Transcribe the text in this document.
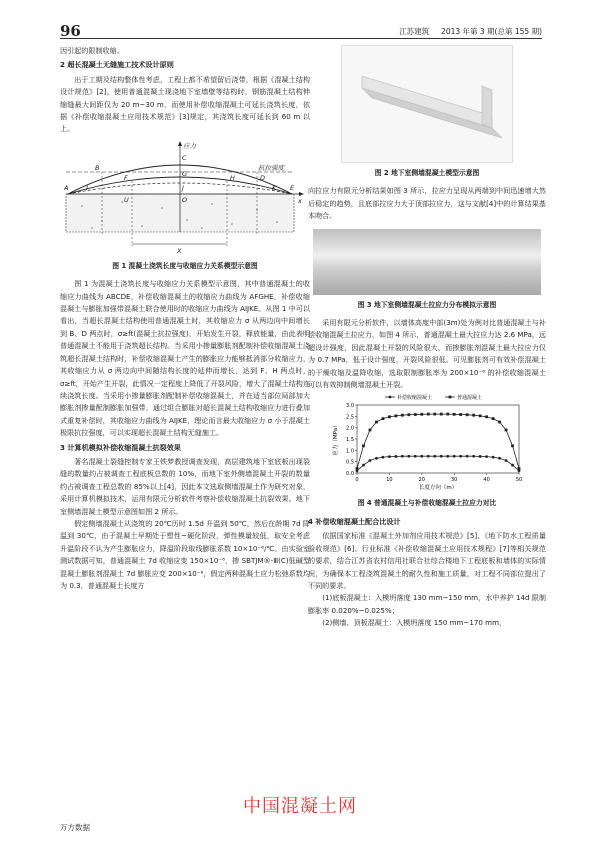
96	江苏建筑 2013 年第 3 期(总第 155 期)

因引起的限制收缩。

2 超长混凝土无缝施工技术设计原则

出于工期及结构整体性考虑，工程上都不希望留后浇带，根据《混凝土结构设计规范》[2]，使用普通混凝土现浇地下室墙壁等结构时，钢筋混凝土结构伸缩缝最大间距仅为 20 m~30 m，而使用补偿收缩混凝土可延长浇筑长度，依据《补偿收缩混凝土应用技术规范》[3]规定，其浇筑长度可延长到 60 m 以上。

应力
抗拉强度
x
A
B
C
D
E
F	G	H
I	J	K
O
U
X
图 1 混凝土浇筑长度与收缩应力关系模型示意图

图 1 为混凝土浇筑长度与收缩应力关系模型示意图，其中普通混凝土的收缩应力曲线为 ABCDE，补偿收缩混凝土的收缩应力曲线为 AFGHE，补偿收缩混凝土与膨胀加强带混凝土联合使用时的收缩应力曲线为 AIJKE。从图 1 中可以看出，当超长混凝土结构使用普通混凝土时，其收缩应力 σ 从两边向中间增长到 B、D 两点时，σ≥ft(混凝土抗拉强度)，开始发生开裂，释放能量，由此表明普通混凝土不能用于浇筑超长结构。当采用小掺量膨胀剂配制补偿收缩混凝土浇筑超长混凝土结构时，补偿收缩混凝土产生的膨胀应力能够抵消部分收缩应力，其收缩应力从 σ 两边向中间随结构长度的延伸而增长，达到 F、H 两点时，σ≥ft，开始产生开裂，此情况一定程度上降低了开裂风险，增大了混凝土结构连续浇筑长度。当采用小掺量膨胀剂配制补偿收缩混凝土，并在适当部位局部加大膨胀剂掺量配制膨胀加强带，通过组合膨胀对超长混凝土结构收缩应力进行叠加式重复补偿时，其收缩应力曲线为 AIJKE，理论而言最大收缩应力 σ 小于混凝土极限抗拉强度，可以实现超长混凝土结构无缝施工。

3 计算机模拟补偿收缩混凝土抗裂效果

著名混凝土裂缝控制专家王铁梦教授调查发现，高层建筑地下室底板出现裂缝的数量约占被调查工程底板总数的 10%，而地下室外侧墙混凝土开裂的数量约占被调查工程总数的 85%以上[4]，因此本文选取侧墙混凝土作为研究对象，采用计算机模拟技术，运用有限元分析软件考察补偿收缩混凝土抗裂效果。地下室侧墙混凝土模型示意图如图 2 所示。

假定侧墙混凝土从浇筑的 20℃历时 1.5d 升温到 50℃，然后在龄期 7d 降温到 30℃，由于混凝土早期处于塑性~硬化阶段，弹性模量较低，取安全考虑升温阶段不认为产生膨胀应力，降温阶段取线膨胀系数 10×10⁻⁶/℃。由实验室测试数据可知，普通混凝土 7d 收缩应变 150×10⁻⁶，掺 SBTJM®-Ⅲ(C)低碱型混凝土膨胀剂混凝土 7d 膨胀应变 200×10⁻⁶，假定两种混凝土应力松弛系数均为 0.3，普通混凝土长度方

图 2 地下室侧墙混凝土模型示意图

向拉应力有限元分析结果如图 3 所示，拉应力呈现从两端到中间迅速增大然后稳定的趋势，且底部拉应力大于顶部拉应力，这与文献[4]中的计算结果基本吻合。

图 3 地下室侧墙混凝土拉应力分布模拟示意图

采用有限元分析软件，以墙体高度中部(3m)处为例对比普通混凝土与补偿收缩混凝土拉应力，如图 4 所示，普通混凝土最大拉应力达 2.6 MPa，远超设计强度，因此混凝土开裂的风险很大，而掺膨胀剂混凝土最大拉应力仅为 0.7 MPa，低于设计强度，开裂风险很低。可见膨胀剂可有效补偿混凝土的干燥收缩及温降收缩，选取限制膨胀率为 200×10⁻⁶ 的补偿收缩混凝土可以有效抑制侧墙混凝土开裂。

0.0
0.5
1.0
1.5
2.0
2.5
3.0
0	10	20	30	40	50
长度方向（m）
应力（MPa）
补偿收缩混凝土	普通混凝土
图 4 普通混凝土与补偿收缩混凝土拉应力对比
4 补偿收缩混凝土配合比设计

依据国家标准《混凝土外加剂应用技术规范》[5]、《地下防水工程质量验收规范》[6]、行业标准《补偿收缩混凝土应用技术规程》[7]等相关规范的要求，结合江苏省农村信用社联合社综合楼地下工程底板和墙体的实际情况，为确保本工程浇筑混凝土的耐久性和施工质量，对工程不同部位提出了不同的要求。

(1)底板混凝土：入模坍落度 130 mm~150 mm，水中养护 14d 限制膨胀率 0.020%~0.025%；

(2)侧墙、顶板混凝土：入模坍落度 150 mm~170 mm，

中国混凝土网
万方数据
